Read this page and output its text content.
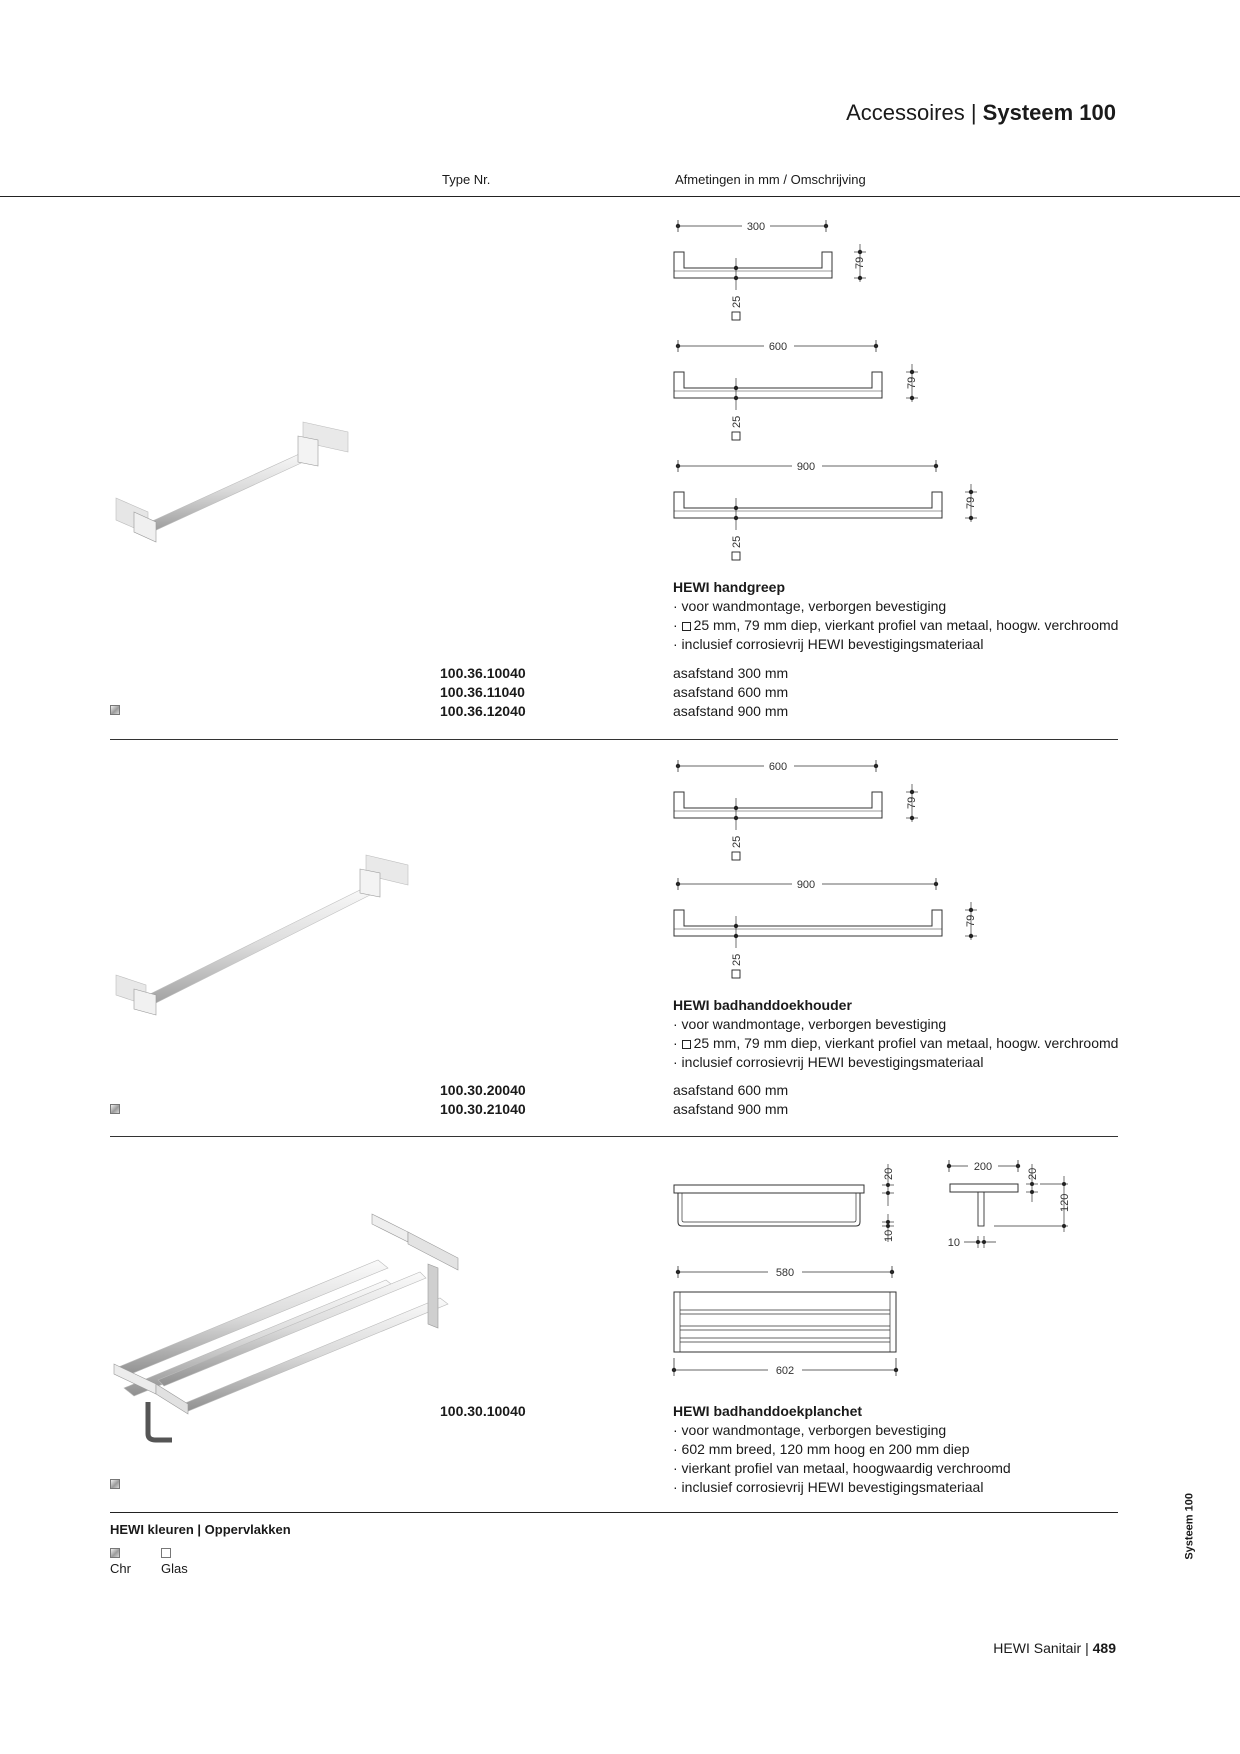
Accessoires | Systeem 100
Type Nr.	Afmetingen in mm / Omschrijving
300
25
79
600
25
79
900
25
79
HEWI handgreep
· voor wandmontage, verborgen bevestiging
· 25 mm, 79 mm diep, vierkant profiel van metaal, hoogw. verchroomd
· inclusief corrosievrij HEWI bevestigingsmateriaal
100.36.10040
100.36.11040
100.36.12040
asafstand 300 mm
asafstand 600 mm
asafstand 900 mm
600
25
79
900
25
79
HEWI badhanddoekhouder
· voor wandmontage, verborgen bevestiging
· 25 mm, 79 mm diep, vierkant profiel van metaal, hoogw. verchroomd
· inclusief corrosievrij HEWI bevestigingsmateriaal
100.30.20040
100.30.21040
asafstand 600 mm
asafstand 900 mm
20
10
200
20
120
10
580
602
100.30.10040	HEWI badhanddoekplanchet
· voor wandmontage, verborgen bevestiging
· 602 mm breed, 120 mm hoog en 200 mm diep
· vierkant profiel van metaal, hoogwaardig verchroomd
· inclusief corrosievrij HEWI bevestigingsmateriaal
HEWI kleuren | Oppervlakken
Chr Glas
Systeem 100
HEWI Sanitair | 489
